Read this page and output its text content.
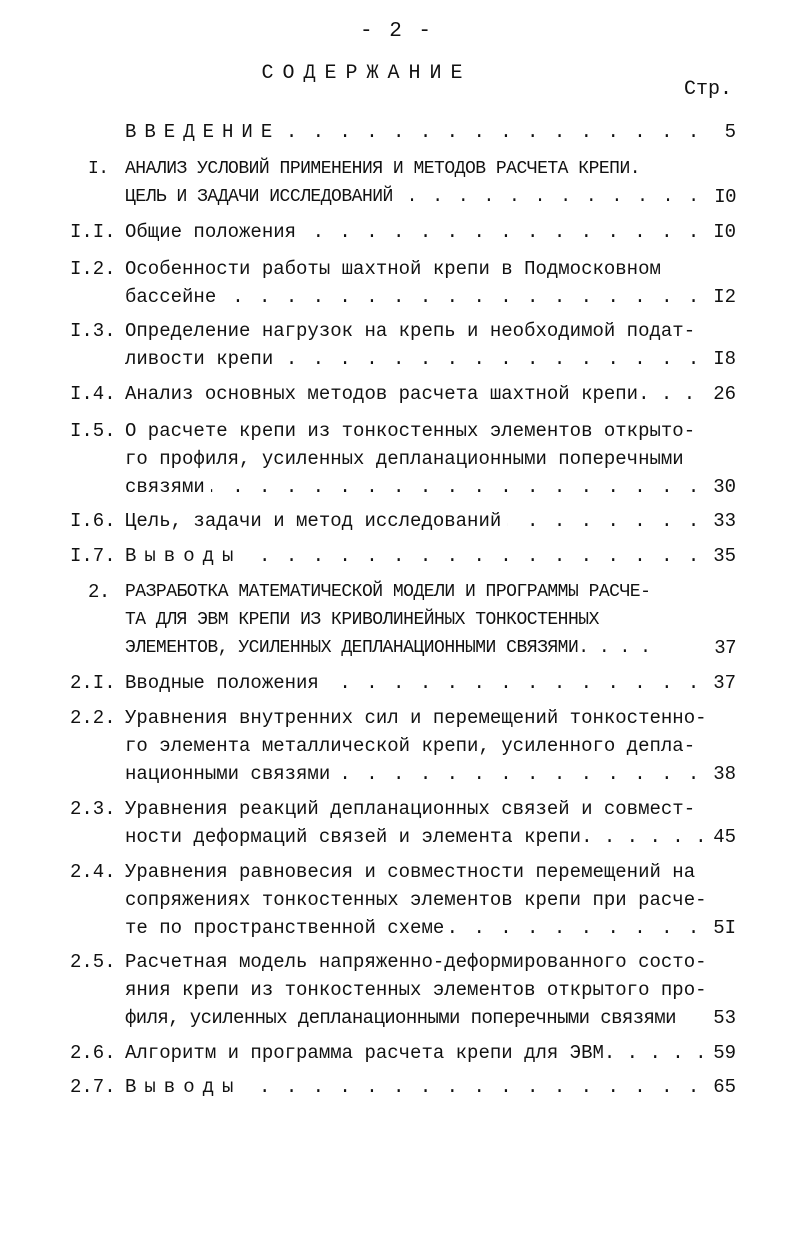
- 2 -
СОДЕРЖАНИЕ
Стр.
ВВЕДЕНИЕ . . .	5
I. АНАЛИЗ УСЛОВИЙ ПРИМЕНЕНИЯ И МЕТОДОВ РАСЧЕТА КРЕПИ.
ЦЕЛЬ И ЗАДАЧИ ИССЛЕДОВАНИЙ . . .	I0
I.I. Общие положения . . .	I0
I.2. Особенности работы шахтной крепи в Подмосковном
бассейне . . .	I2
I.3. Определение нагрузок на крепь и необходимой подат-
ливости крепи . . .	I8
I.4. Анализ основных методов расчета шахтной крепи. . . 26
I.5. О расчете крепи из тонкостенных элементов открыто-
го профиля, усиленных депланационными поперечными
связями . . .	30
I.6. Цель, задачи и метод исследований . . .	33
I.7. Выводы . . .	35
2. РАЗРАБОТКА МАТЕМАТИЧЕСКОЙ МОДЕЛИ И ПРОГРАММЫ РАСЧЕ-
ТА ДЛЯ ЭВМ КРЕПИ ИЗ КРИВОЛИНЕЙНЫХ ТОНКОСТЕННЫХ
ЭЛЕМЕНТОВ, УСИЛЕННЫХ ДЕПЛАНАЦИОННЫМИ СВЯЗЯМИ. . . .	37
2.I. Вводные положения . . .	37
2.2. Уравнения внутренних сил и перемещений тонкостенно-
го элемента металлической крепи, усиленного депла-
национными связями . . .	38
2.3. Уравнения реакций депланационных связей и совмест-
ности деформаций связей и элемента крепи. . . . . . 45
2.4. Уравнения равновесия и совместности перемещений на
сопряжениях тонкостенных элементов крепи при расче-
те по пространственной схеме . . .	5I
2.5. Расчетная модель напряженно-деформированного состо-
яния крепи из тонкостенных элементов открытого про-
филя, усиленных депланационными поперечными связями	53
2.6. Алгоритм и программа расчета крепи для ЭВМ. . . . . 59
2.7. Выводы . . .	65
